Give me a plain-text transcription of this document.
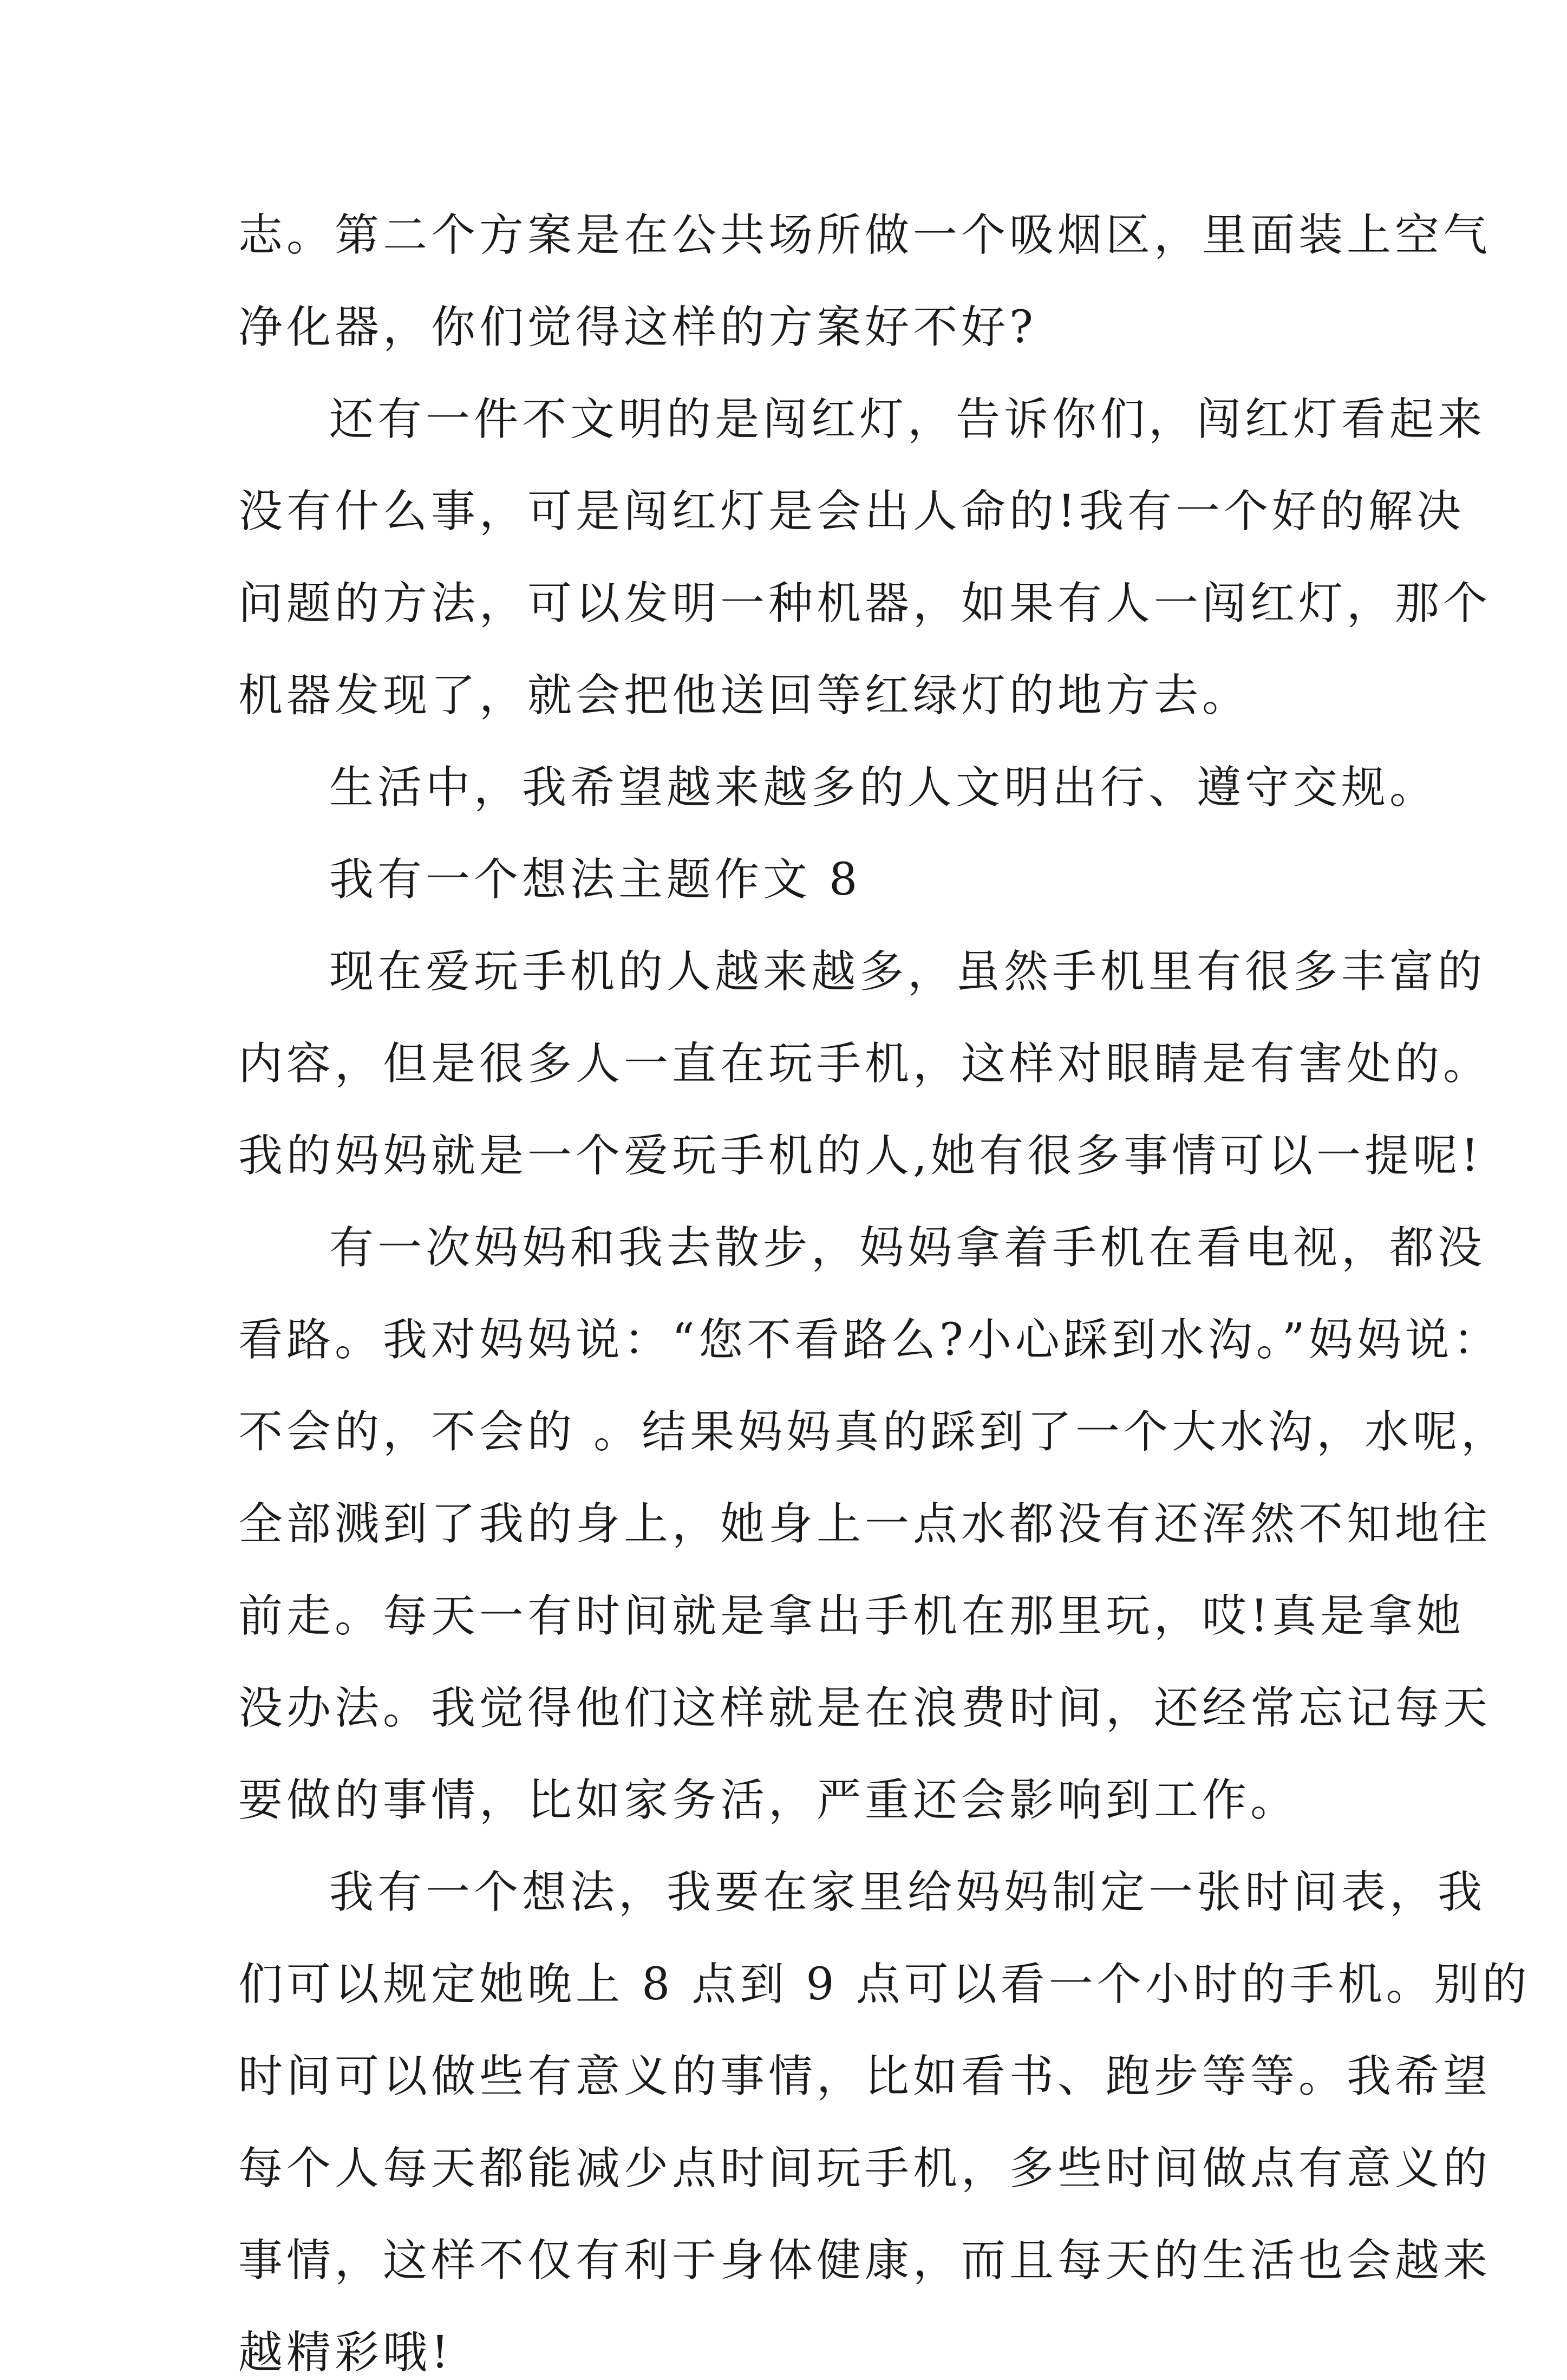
志。第二个方案是在公共场所做一个吸烟区，里面装上空气
净化器，你们觉得这样的方案好不好?
还有一件不文明的是闯红灯，告诉你们，闯红灯看起来
没有什么事，可是闯红灯是会出人命的!我有一个好的解决
问题的方法，可以发明一种机器，如果有人一闯红灯，那个
机器发现了，就会把他送回等红绿灯的地方去。
生活中，我希望越来越多的人文明出行、遵守交规。
我有一个想法主题作文 8
现在爱玩手机的人越来越多，虽然手机里有很多丰富的
内容，但是很多人一直在玩手机，这样对眼睛是有害处的。
我的妈妈就是一个爱玩手机的人,她有很多事情可以一提呢!
有一次妈妈和我去散步，妈妈拿着手机在看电视，都没
看路。我对妈妈说：“您不看路么?小心踩到水沟。”妈妈说：
不会的，不会的 。结果妈妈真的踩到了一个大水沟，水呢，
全部溅到了我的身上，她身上一点水都没有还浑然不知地往
前走。每天一有时间就是拿出手机在那里玩，哎!真是拿她
没办法。我觉得他们这样就是在浪费时间，还经常忘记每天
要做的事情，比如家务活，严重还会影响到工作。
我有一个想法，我要在家里给妈妈制定一张时间表，我
们可以规定她晚上 8 点到 9 点可以看一个小时的手机。别的
时间可以做些有意义的事情，比如看书、跑步等等。我希望
每个人每天都能减少点时间玩手机，多些时间做点有意义的
事情，这样不仅有利于身体健康，而且每天的生活也会越来
越精彩哦!
